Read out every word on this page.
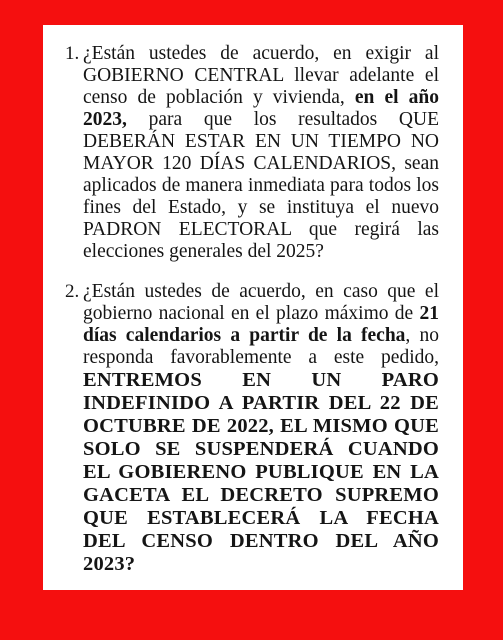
1. ¿Están ustedes de acuerdo, en exigir al GOBIERNO CENTRAL llevar adelante el censo de población y vivienda, en el año 2023, para que los resultados QUE DEBERÁN ESTAR EN UN TIEMPO NO MAYOR 120 DÍAS CALENDARIOS, sean aplicados de manera inmediata para todos los fines del Estado, y se instituya el nuevo PADRON ELECTORAL que regirá las elecciones generales del 2025?
2. ¿Están ustedes de acuerdo, en caso que el gobierno nacional en el plazo máximo de 21 días calendarios a partir de la fecha, no responda favorablemente a este pedido, ENTREMOS EN UN PARO INDEFINIDO A PARTIR DEL 22 DE OCTUBRE DE 2022, EL MISMO QUE SOLO SE SUSPENDERÁ CUANDO EL GOBIERENO PUBLIQUE EN LA GACETA EL DECRETO SUPREMO QUE ESTABLECERÁ LA FECHA DEL CENSO DENTRO DEL AÑO 2023?
